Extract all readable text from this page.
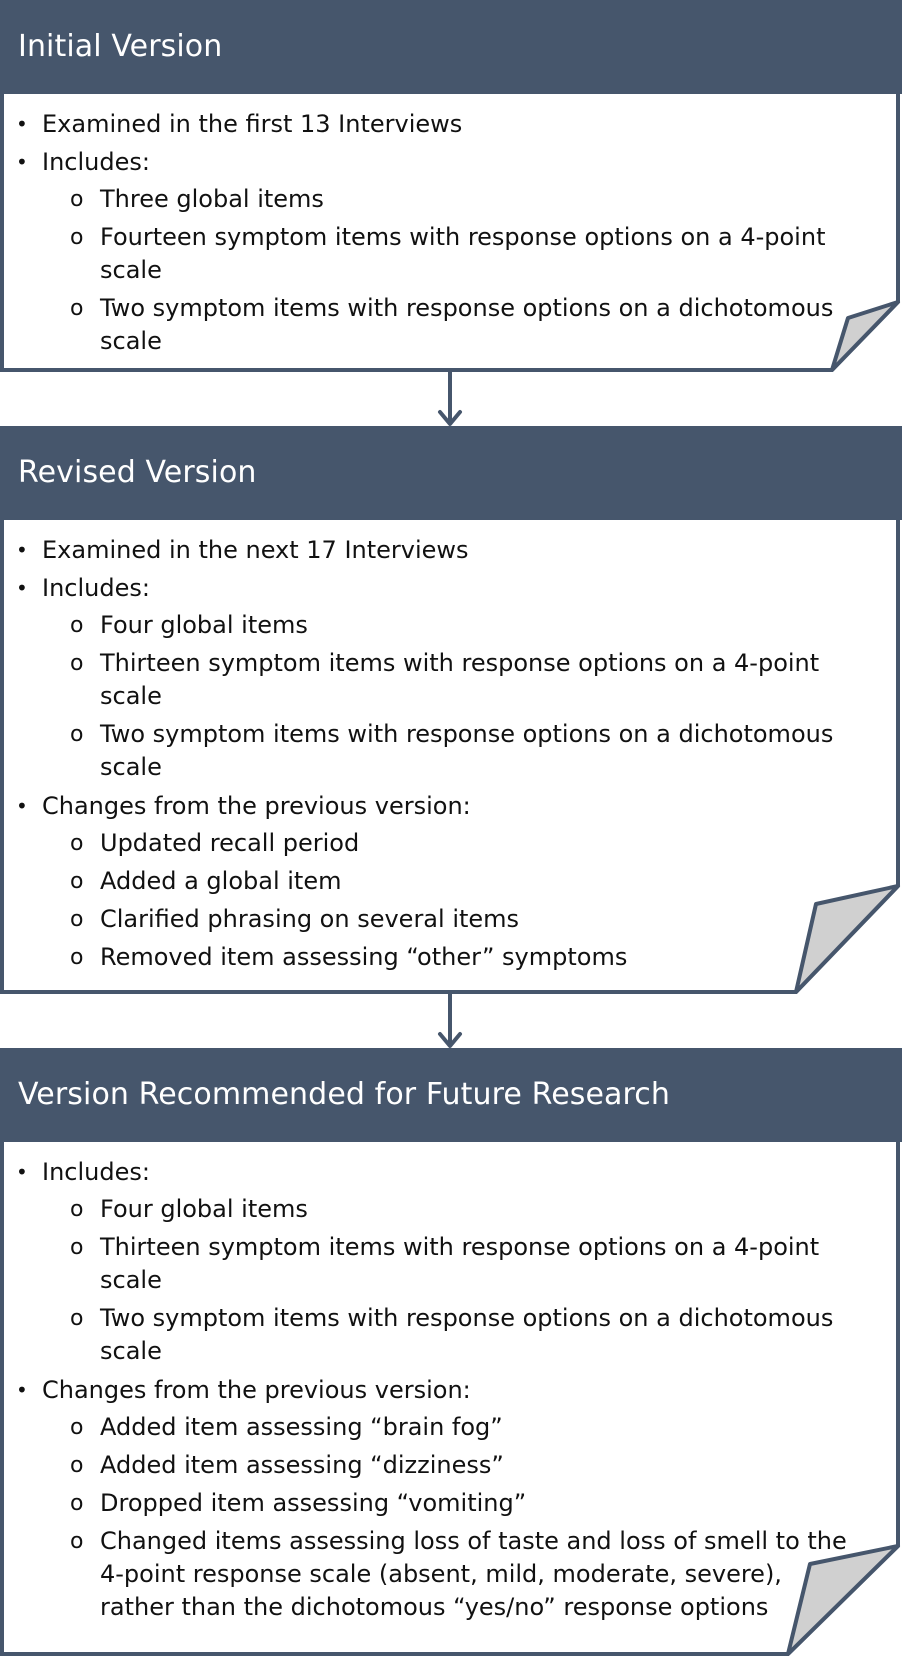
Initial Version
• Examined in the first 13 Interviews
• Includes:
o Three global items
o Fourteen symptom items with response options on a 4-point scale
o Two symptom items with response options on a dichotomous scale
Revised Version
• Examined in the next 17 Interviews
• Includes:
o Four global items
o Thirteen symptom items with response options on a 4-point scale
o Two symptom items with response options on a dichotomous scale
• Changes from the previous version:
o Updated recall period
o Added a global item
o Clarified phrasing on several items
o Removed item assessing “other” symptoms
Version Recommended for Future Research
• Includes:
o Four global items
o Thirteen symptom items with response options on a 4-point scale
o Two symptom items with response options on a dichotomous scale
• Changes from the previous version:
o Added item assessing “brain fog”
o Added item assessing “dizziness”
o Dropped item assessing “vomiting”
o Changed items assessing loss of taste and loss of smell to the 4-point response scale (absent, mild, moderate, severe), rather than the dichotomous “yes/no” response options
